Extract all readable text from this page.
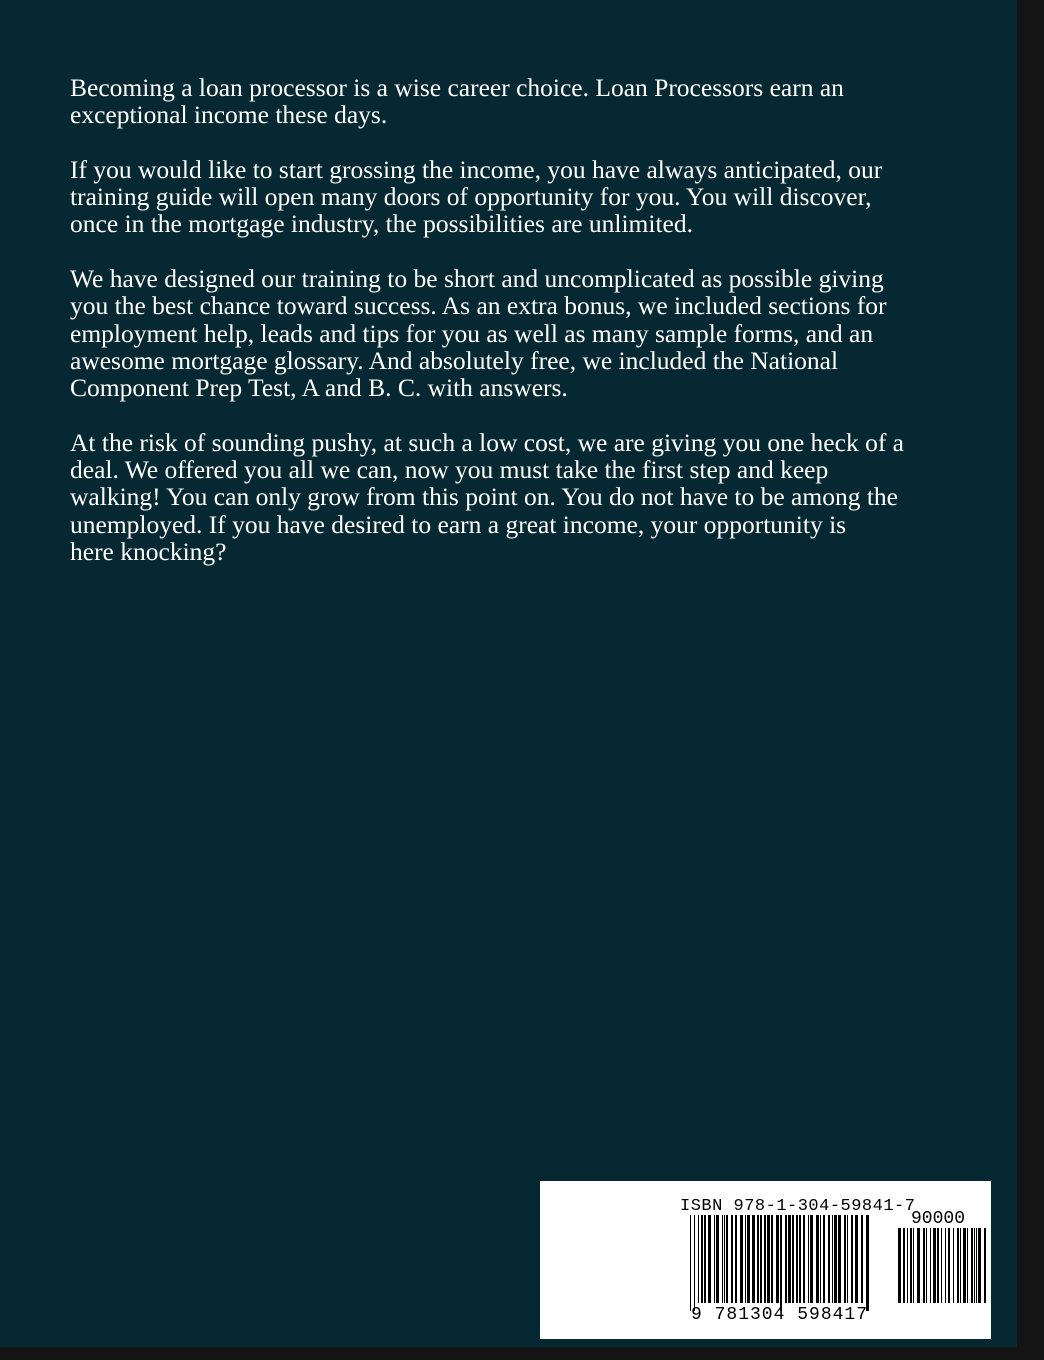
Becoming a loan processor is a wise career choice. Loan Processors earn an
exceptional income these days.

If you would like to start grossing the income, you have always anticipated, our
training guide will open many doors of opportunity for you. You will discover,
once in the mortgage industry, the possibilities are unlimited.

We have designed our training to be short and uncomplicated as possible giving
you the best chance toward success. As an extra bonus, we included sections for
employment help, leads and tips for you as well as many sample forms, and an
awesome mortgage glossary. And absolutely free, we included the National
Component Prep Test, A and B. C. with answers.

At the risk of sounding pushy, at such a low cost, we are giving you one heck of a
deal. We offered you all we can, now you must take the first step and keep
walking! You can only grow from this point on. You do not have to be among the
unemployed. If you have desired to earn a great income, your opportunity is
here knocking?

ISBN 978-1-304-59841-7
90000
9 781304 598417
